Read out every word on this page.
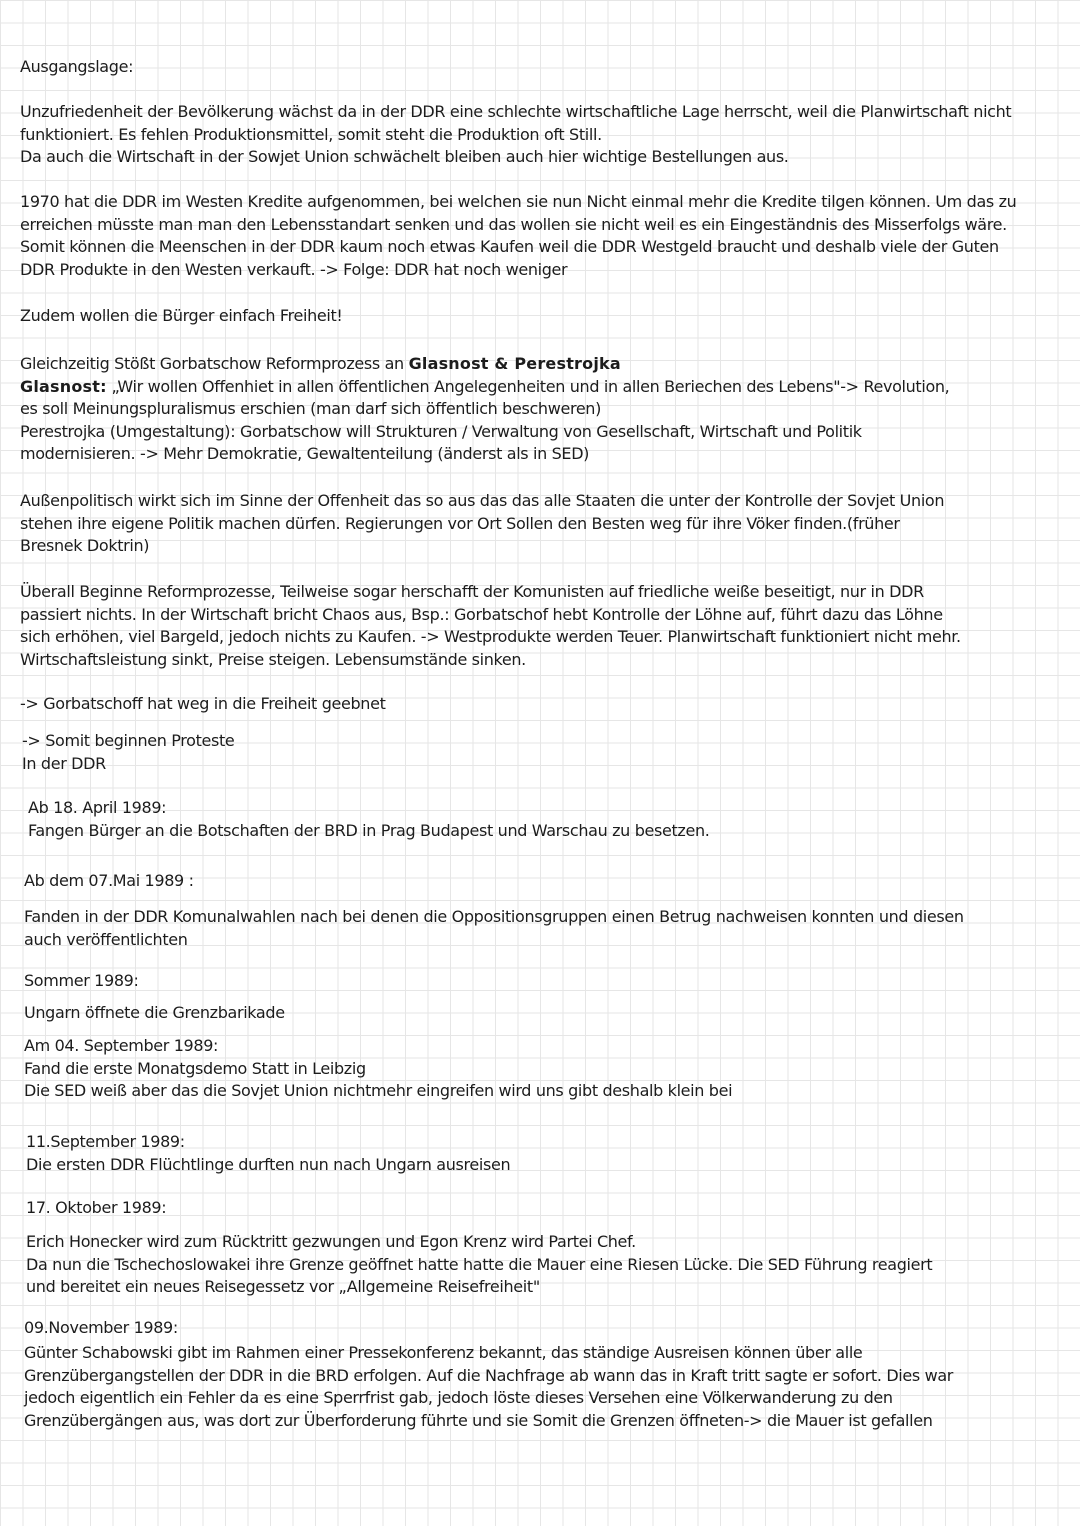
Ausgangslage:

Unzufriedenheit der Bevölkerung wächst da in der DDR eine schlechte wirtschaftliche Lage herrscht, weil die Planwirtschaft nicht

funktioniert. Es fehlen Produktionsmittel, somit steht die Produktion oft Still.

Da auch die Wirtschaft in der Sowjet Union schwächelt bleiben auch hier wichtige Bestellungen aus.

1970 hat die DDR im Westen Kredite aufgenommen, bei welchen sie nun Nicht einmal mehr die Kredite tilgen können. Um das zu

erreichen müsste man man den Lebensstandart senken und das wollen sie nicht weil es ein Eingeständnis des Misserfolgs wäre.

Somit können die Meenschen in der DDR kaum noch etwas Kaufen weil die DDR Westgeld braucht und deshalb viele der Guten

DDR Produkte in den Westen verkauft. -> Folge: DDR hat noch weniger

Zudem wollen die Bürger einfach Freiheit!

Gleichzeitig Stößt Gorbatschow Reformprozess an Glasnost & Perestrojka

Glasnost: „Wir wollen Offenhiet in allen öffentlichen Angelegenheiten und in allen Beriechen des Lebens"-> Revolution,

es soll Meinungspluralismus erschien (man darf sich öffentlich beschweren)

Perestrojka (Umgestaltung): Gorbatschow will Strukturen / Verwaltung von Gesellschaft, Wirtschaft und Politik

modernisieren. -> Mehr Demokratie, Gewaltenteilung (änderst als in SED)

Außenpolitisch wirkt sich im Sinne der Offenheit das so aus das das alle Staaten die unter der Kontrolle der Sovjet Union

stehen ihre eigene Politik machen dürfen. Regierungen vor Ort Sollen den Besten weg für ihre Vöker finden.(früher

Bresnek Doktrin)

Überall Beginne Reformprozesse, Teilweise sogar herschafft der Komunisten auf friedliche weiße beseitigt, nur in DDR

passiert nichts. In der Wirtschaft bricht Chaos aus, Bsp.: Gorbatschof hebt Kontrolle der Löhne auf, führt dazu das Löhne

sich erhöhen, viel Bargeld, jedoch nichts zu Kaufen. -> Westprodukte werden Teuer. Planwirtschaft funktioniert nicht mehr.

Wirtschaftsleistung sinkt, Preise steigen. Lebensumstände sinken.

-> Gorbatschoff hat weg in die Freiheit geebnet

-> Somit beginnen Proteste

In der DDR

Ab 18. April 1989:

Fangen Bürger an die Botschaften der BRD in Prag Budapest und Warschau zu besetzen.

Ab dem 07.Mai 1989 :

Fanden in der DDR Komunalwahlen nach bei denen die Oppositionsgruppen einen Betrug nachweisen konnten und diesen

auch veröffentlichten

Sommer 1989:

Ungarn öffnete die Grenzbarikade

Am 04. September 1989:

Fand die erste Monatgsdemo Statt in Leibzig

Die SED weiß aber das die Sovjet Union nichtmehr eingreifen wird uns gibt deshalb klein bei

11.September 1989:

Die ersten DDR Flüchtlinge durften nun nach Ungarn ausreisen

17. Oktober 1989:

Erich Honecker wird zum Rücktritt gezwungen und Egon Krenz wird Partei Chef.

Da nun die Tschechoslowakei ihre Grenze geöffnet hatte hatte die Mauer eine Riesen Lücke. Die SED Führung reagiert

und bereitet ein neues Reisegessetz vor „Allgemeine Reisefreiheit"

09.November 1989:

Günter Schabowski gibt im Rahmen einer Pressekonferenz bekannt, das ständige Ausreisen können über alle

Grenzübergangstellen der DDR in die BRD erfolgen. Auf die Nachfrage ab wann das in Kraft tritt sagte er sofort. Dies war

jedoch eigentlich ein Fehler da es eine Sperrfrist gab, jedoch löste dieses Versehen eine Völkerwanderung zu den

Grenzübergängen aus, was dort zur Überforderung führte und sie Somit die Grenzen öffneten-> die Mauer ist gefallen
